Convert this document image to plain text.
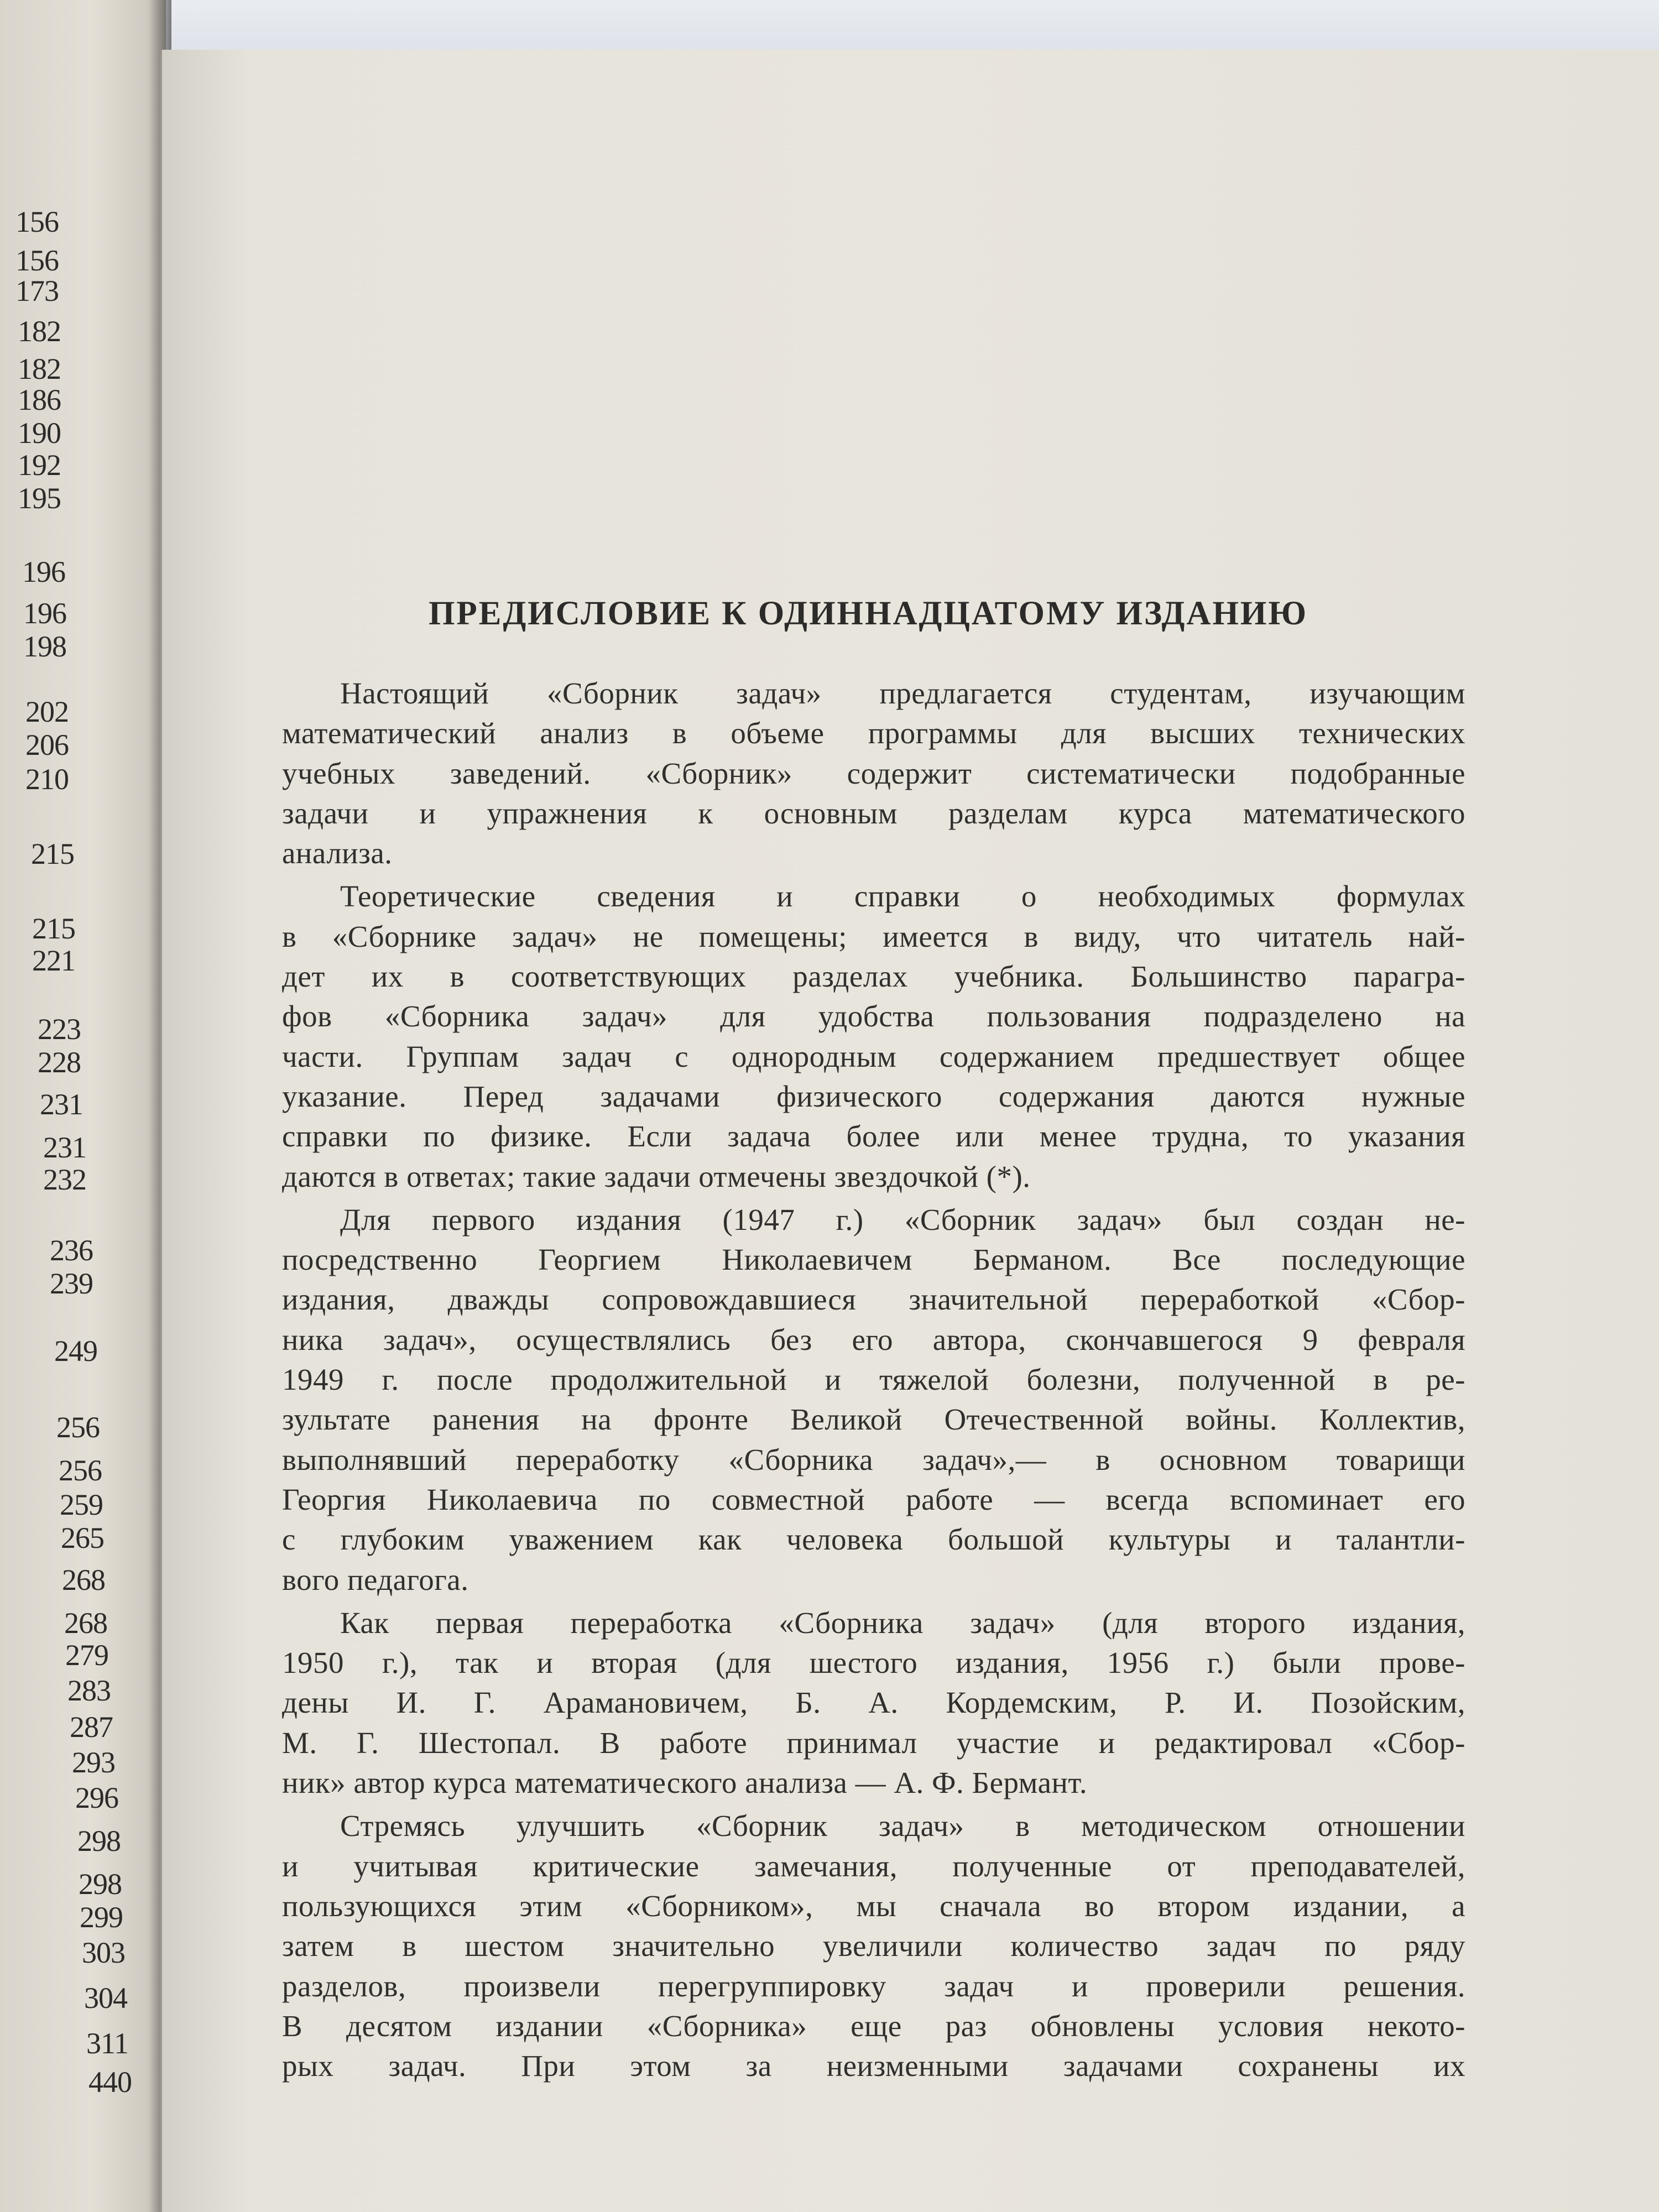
156
156
173
182
182
186
190
192
195
196
196
198
202
206
210
215
215
221
223
228
231
231
232
236
239
249
256
256
259
265
268
268
279
283
287
293
296
298
298
299
303
304
311
440
ПРЕДИСЛОВИЕ К ОДИННАДЦАТОМУ ИЗДАНИЮ
Настоящий «Сборник задач» предлагается студентам, изучающим
математический анализ в объеме программы для высших технических
учебных заведений. «Сборник» содержит систематически подобранные
задачи и упражнения к основным разделам курса математического
анализа.
Теоретические сведения и справки о необходимых формулах
в «Сборнике задач» не помещены; имеется в виду, что читатель най-
дет их в соответствующих разделах учебника. Большинство парагра-
фов «Сборника задач» для удобства пользования подразделено на
части. Группам задач с однородным содержанием предшествует общее
указание. Перед задачами физического содержания даются нужные
справки по физике. Если задача более или менее трудна, то указания
даются в ответах; такие задачи отмечены звездочкой (*).
Для первого издания (1947 г.) «Сборник задач» был создан не-
посредственно Георгием Николаевичем Берманом. Все последующие
издания, дважды сопровождавшиеся значительной переработкой «Сбор-
ника задач», осуществлялись без его автора, скончавшегося 9 февраля
1949 г. после продолжительной и тяжелой болезни, полученной в ре-
зультате ранения на фронте Великой Отечественной войны. Коллектив,
выполнявший переработку «Сборника задач»,— в основном товарищи
Георгия Николаевича по совместной работе — всегда вспоминает его
с глубоким уважением как человека большой культуры и талантли-
вого педагога.
Как первая переработка «Сборника задач» (для второго издания,
1950 г.), так и вторая (для шестого издания, 1956 г.) были прове-
дены И. Г. Арамановичем, Б. А. Кордемским, Р. И. Позойским,
М. Г. Шестопал. В работе принимал участие и редактировал «Сбор-
ник» автор курса математического анализа — А. Ф. Бермант.
Стремясь улучшить «Сборник задач» в методическом отношении
и учитывая критические замечания, полученные от преподавателей,
пользующихся этим «Сборником», мы сначала во втором издании, а
затем в шестом значительно увеличили количество задач по ряду
разделов, произвели перегруппировку задач и проверили решения.
В десятом издании «Сборника» еще раз обновлены условия некото-
рых задач. При этом за неизменными задачами сохранены их
